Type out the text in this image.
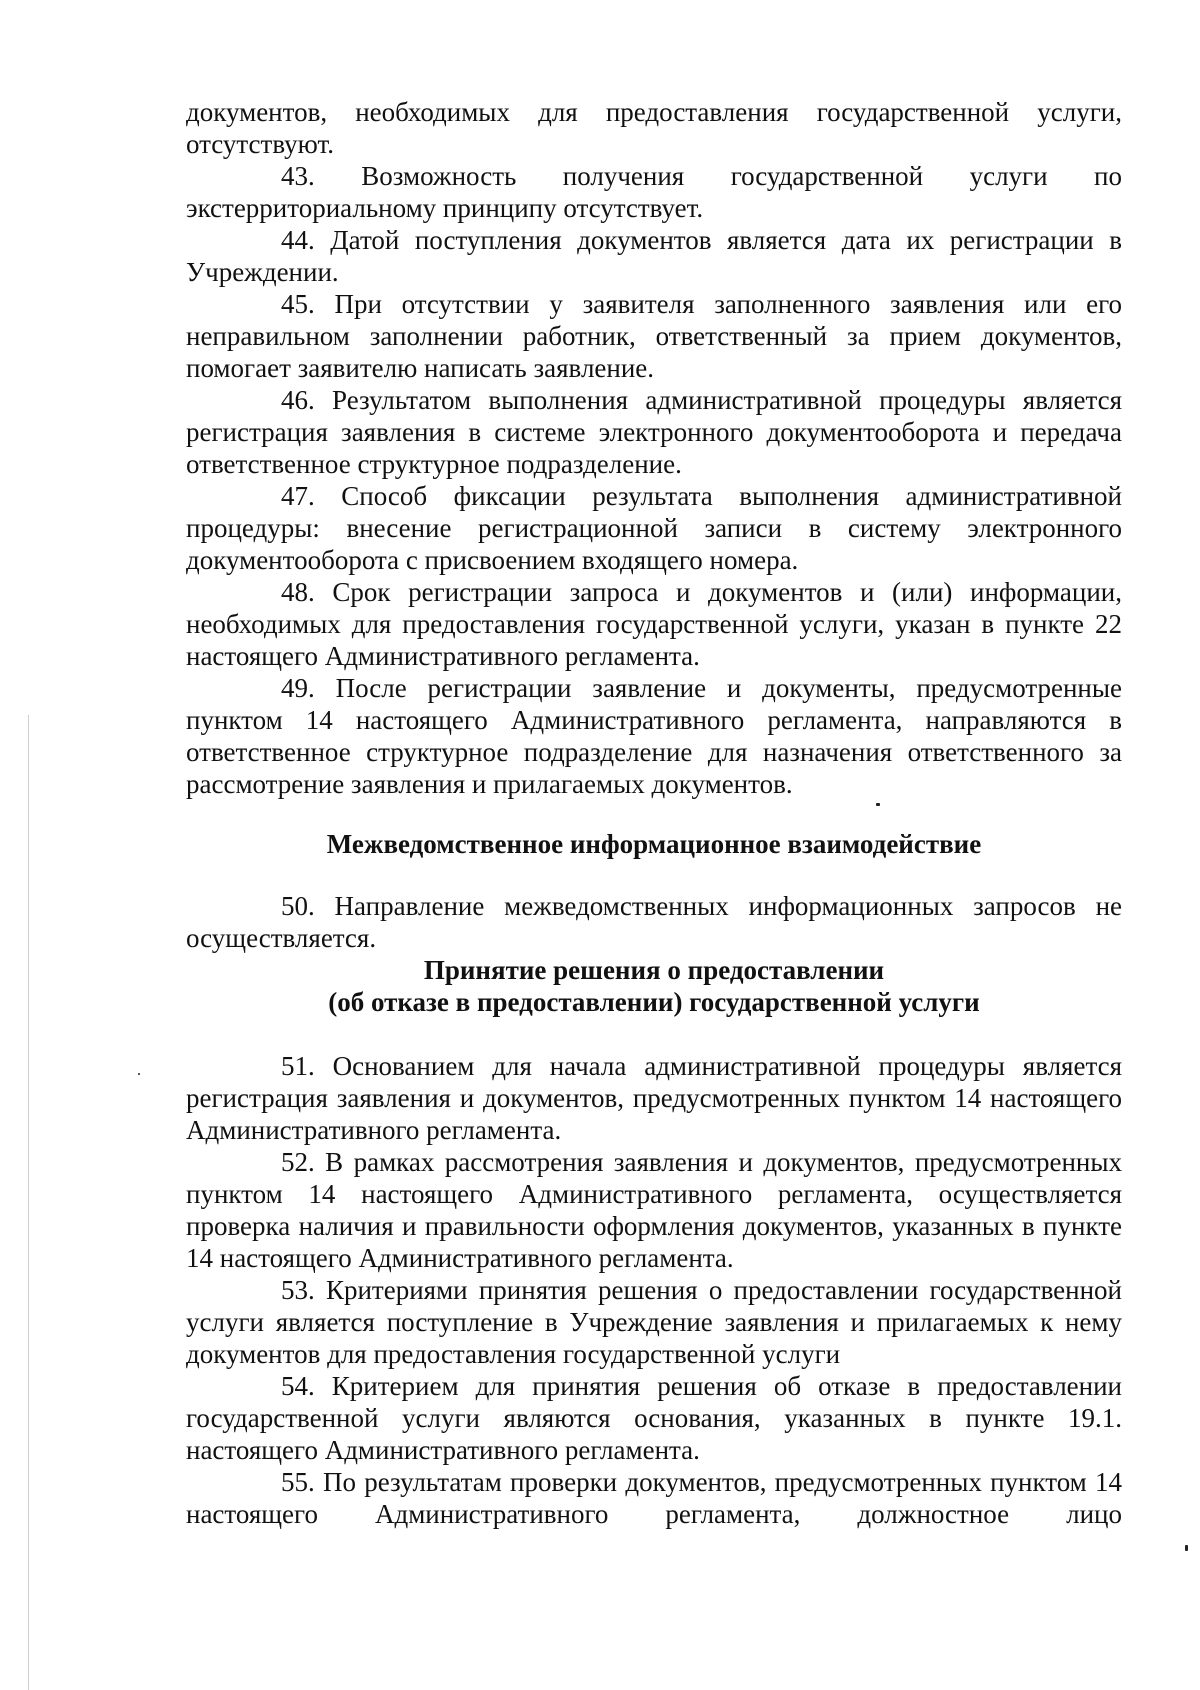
документов, необходимых для предоставления государственной услуги, отсутствуют.

43. Возможность получения государственной услуги по экстерриториальному принципу отсутствует.

44. Датой поступления документов является дата их регистрации в Учреждении.

45. При отсутствии у заявителя заполненного заявления или его неправильном заполнении работник, ответственный за прием документов, помогает заявителю написать заявление.

46. Результатом выполнения административной процедуры является регистрация заявления в системе электронного документооборота и передача ответственное структурное подразделение.

47. Способ фиксации результата выполнения административной процедуры: внесение регистрационной записи в систему электронного документооборота с присвоением входящего номера.

48. Срок регистрации запроса и документов и (или) информации, необходимых для предоставления государственной услуги, указан в пункте 22 настоящего Административного регламента.

49. После регистрации заявление и документы, предусмотренные пунктом 14 настоящего Административного регламента, направляются в ответственное структурное подразделение для назначения ответственного за рассмотрение заявления и прилагаемых документов.

Межведомственное информационное взаимодействие

50. Направление межведомственных информационных запросов не осуществляется.

Принятие решения о предоставлении
(об отказе в предоставлении) государственной услуги

51. Основанием для начала административной процедуры является регистрация заявления и документов, предусмотренных пунктом 14 настоящего Административного регламента.

52. В рамках рассмотрения заявления и документов, предусмотренных пунктом 14 настоящего Административного регламента, осуществляется проверка наличия и правильности оформления документов, указанных в пункте 14 настоящего Административного регламента.

53. Критериями принятия решения о предоставлении государственной услуги является поступление в Учреждение заявления и прилагаемых к нему документов для предоставления государственной услуги

54. Критерием для принятия решения об отказе в предоставлении государственной услуги являются основания, указанных в пункте 19.1. настоящего Административного регламента.

55. По результатам проверки документов, предусмотренных пунктом 14 настоящего Административного регламента, должностное лицо
